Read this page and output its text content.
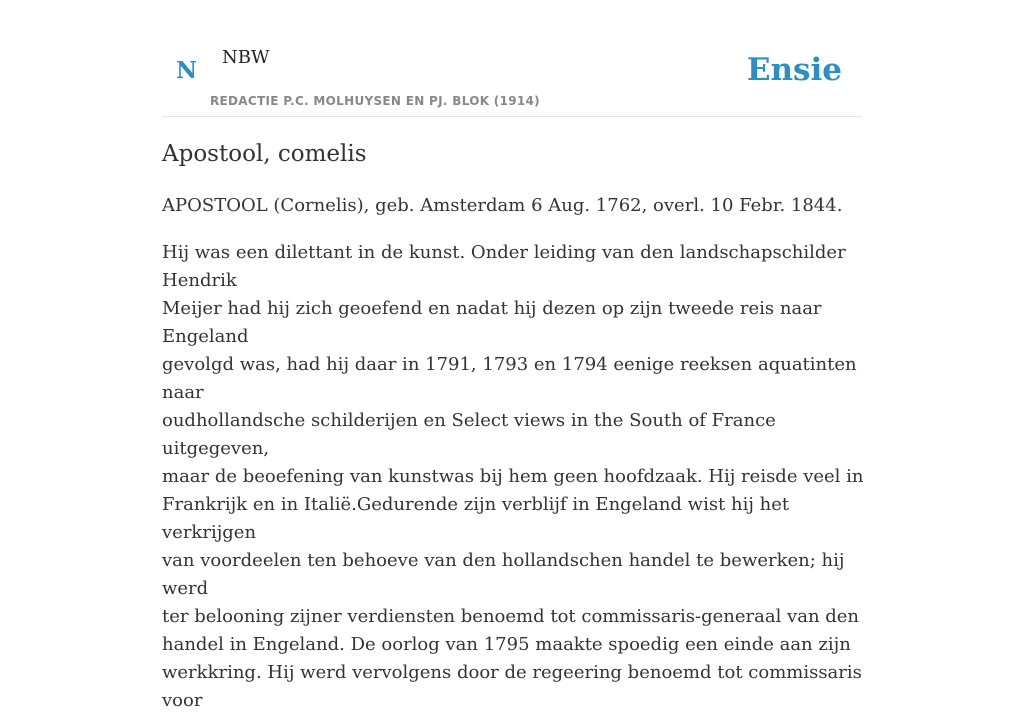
N NBW
REDACTIE P.C. MOLHUYSEN EN PJ. BLOK (1914)
Ensie
Apostool, comelis

APOSTOOL (Cornelis), geb. Amsterdam 6 Aug. 1762, overl. 10 Febr. 1844.

Hij was een dilettant in de kunst. Onder leiding van den landschapschilder Hendrik
Meijer had hij zich geoefend en nadat hij dezen op zijn tweede reis naar Engeland
gevolgd was, had hij daar in 1791, 1793 en 1794 eenige reeksen aquatinten naar
oudhollandsche schilderijen en Select views in the South of France uitgegeven,
maar de beoefening van kunstwas bij hem geen hoofdzaak. Hij reisde veel in
Frankrijk en in Italië.Gedurende zijn verblijf in Engeland wist hij het verkrijgen
van voordeelen ten behoeve van den hollandschen handel te bewerken; hij werd
ter belooning zijner verdiensten benoemd tot commissaris-generaal van den
handel in Engeland. De oorlog van 1795 maakte spoedig een einde aan zijn
werkkring. Hij werd vervolgens door de regeering benoemd tot commissaris voor
